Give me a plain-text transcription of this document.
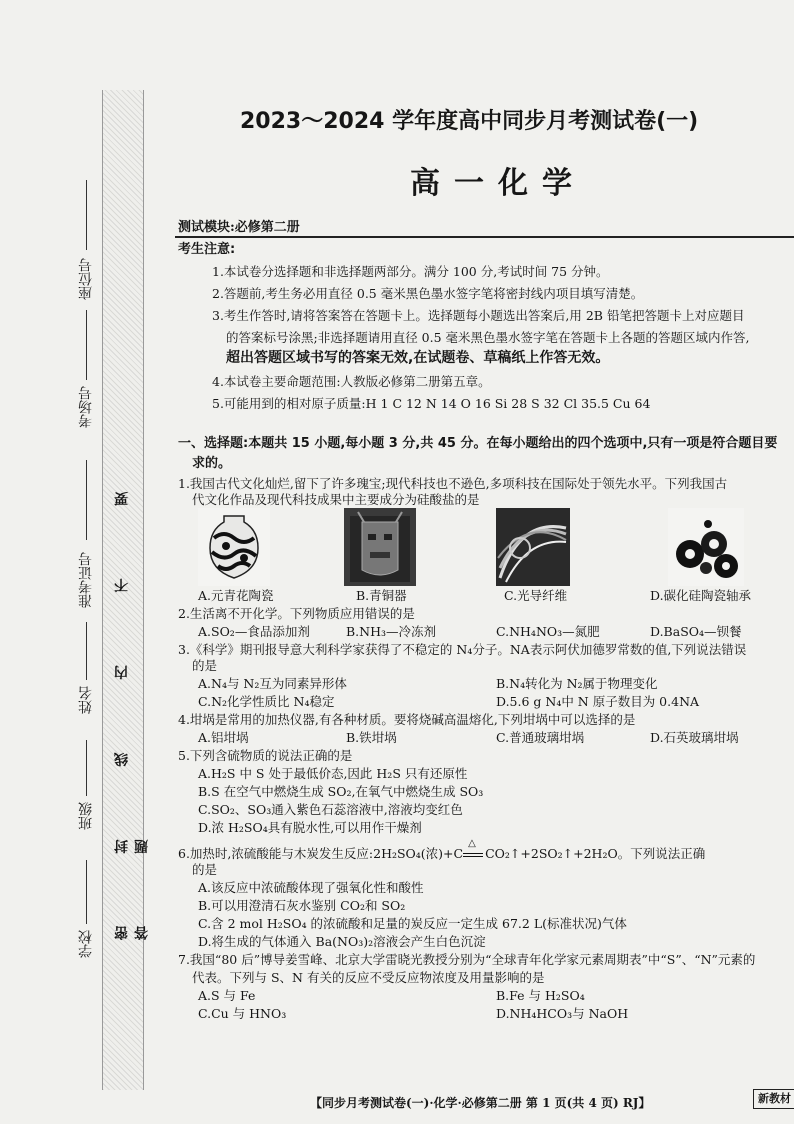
密 封 线 内 不 要 答 题
座位号
考场号
准考证号
姓名
班级
学校
2023～2024 学年度高中同步月考测试卷(一)
高一化学
测试模块:必修第二册
考生注意:
1.本试卷分选择题和非选择题两部分。满分 100 分,考试时间 75 分钟。
2.答题前,考生务必用直径 0.5 毫米黑色墨水签字笔将密封线内项目填写清楚。
3.考生作答时,请将答案答在答题卡上。选择题每小题选出答案后,用 2B 铅笔把答题卡上对应题目
的答案标号涂黑;非选择题请用直径 0.5 毫米黑色墨水签字笔在答题卡上各题的答题区域内作答,
超出答题区域书写的答案无效,在试题卷、草稿纸上作答无效。
4.本试卷主要命题范围:人教版必修第二册第五章。
5.可能用到的相对原子质量:H 1 C 12 N 14 O 16 Si 28 S 32 Cl 35.5 Cu 64
一、选择题:本题共 15 小题,每小题 3 分,共 45 分。在每小题给出的四个选项中,只有一项是符合题目要
求的。
1.我国古代文化灿烂,留下了许多瑰宝;现代科技也不逊色,多项科技在国际处于领先水平。下列我国古
代文化作品及现代科技成果中主要成分为硅酸盐的是
A.元青花陶瓷	B.青铜器	C.光导纤维	D.碳化硅陶瓷轴承
2.生活离不开化学。下列物质应用错误的是
A.SO₂—食品添加剂	B.NH₃—冷冻剂	C.NH₄NO₃—氮肥	D.BaSO₄—钡餐
3.《科学》期刊报导意大利科学家获得了不稳定的 N₄分子。NA表示阿伏加德罗常数的值,下列说法错误
的是
A.N₄与 N₂互为同素异形体	B.N₄转化为 N₂属于物理变化
C.N₂化学性质比 N₄稳定	D.5.6 g N₄中 N 原子数目为 0.4NA
4.坩埚是常用的加热仪器,有各种材质。要将烧碱高温熔化,下列坩埚中可以选择的是
A.铝坩埚	B.铁坩埚	C.普通玻璃坩埚	D.石英玻璃坩埚
5.下列含硫物质的说法正确的是
A.H₂S 中 S 处于最低价态,因此 H₂S 只有还原性
B.S 在空气中燃烧生成 SO₂,在氧气中燃烧生成 SO₃
C.SO₂、SO₃通入紫色石蕊溶液中,溶液均变红色
D.浓 H₂SO₄具有脱水性,可以用作干燥剂
6.加热时,浓硫酸能与木炭发生反应:2H₂SO₄(浓)+C
△
CO₂↑+2SO₂↑+2H₂O。下列说法正确
的是
A.该反应中浓硫酸体现了强氧化性和酸性
B.可以用澄清石灰水鉴别 CO₂和 SO₂
C.含 2 mol H₂SO₄ 的浓硫酸和足量的炭反应一定生成 67.2 L(标准状况)气体
D.将生成的气体通入 Ba(NO₃)₂溶液会产生白色沉淀
7.我国“80 后”博导姜雪峰、北京大学雷晓光教授分别为“全球青年化学家元素周期表”中“S”、“N”元素的
代表。下列与 S、N 有关的反应不受反应物浓度及用量影响的是
A.S 与 Fe	B.Fe 与 H₂SO₄
C.Cu 与 HNO₃	D.NH₄HCO₃与 NaOH
【同步月考测试卷(一)·化学·必修第二册 第 1 页(共 4 页) RJ】	新教材
